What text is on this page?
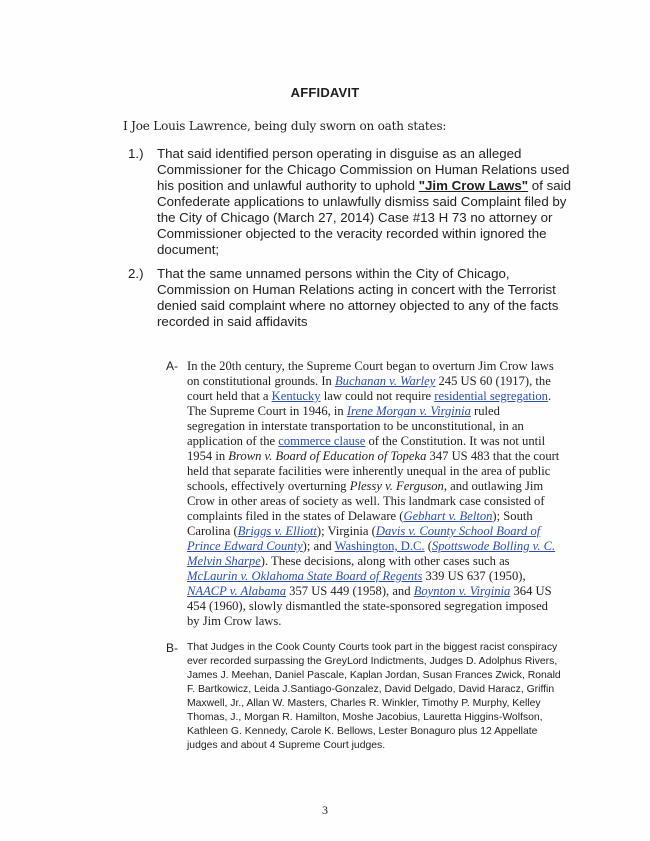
AFFIDAVIT
I Joe Louis Lawrence, being duly sworn on oath states:
1.) That said identified person operating in disguise as an alleged Commissioner for the Chicago Commission on Human Relations used his position and unlawful authority to uphold "Jim Crow Laws" of said Confederate applications to unlawfully dismiss said Complaint filed by the City of Chicago (March 27, 2014) Case #13 H 73 no attorney or Commissioner objected to the veracity recorded within ignored the document;
2.) That the same unnamed persons within the City of Chicago, Commission on Human Relations acting in concert with the Terrorist denied said complaint where no attorney objected to any of the facts recorded in said affidavits
A- In the 20th century, the Supreme Court began to overturn Jim Crow laws on constitutional grounds. In Buchanan v. Warley 245 US 60 (1917), the court held that a Kentucky law could not require residential segregation. The Supreme Court in 1946, in Irene Morgan v. Virginia ruled segregation in interstate transportation to be unconstitutional, in an application of the commerce clause of the Constitution. It was not until 1954 in Brown v. Board of Education of Topeka 347 US 483 that the court held that separate facilities were inherently unequal in the area of public schools, effectively overturning Plessy v. Ferguson, and outlawing Jim Crow in other areas of society as well. This landmark case consisted of complaints filed in the states of Delaware (Gebhart v. Belton); South Carolina (Briggs v. Elliott); Virginia (Davis v. County School Board of Prince Edward County); and Washington, D.C. (Spottswode Bolling v. C. Melvin Sharpe). These decisions, along with other cases such as McLaurin v. Oklahoma State Board of Regents 339 US 637 (1950), NAACP v. Alabama 357 US 449 (1958), and Boynton v. Virginia 364 US 454 (1960), slowly dismantled the state-sponsored segregation imposed by Jim Crow laws.
B- That Judges in the Cook County Courts took part in the biggest racist conspiracy ever recorded surpassing the GreyLord Indictments, Judges D. Adolphus Rivers, James J. Meehan, Daniel Pascale, Kaplan Jordan, Susan Frances Zwick, Ronald F. Bartkowicz, Leida J.Santiago-Gonzalez, David Delgado, David Haracz, Griffin Maxwell, Jr., Allan W. Masters, Charles R. Winkler, Timothy P. Murphy, Kelley Thomas, J., Morgan R. Hamilton, Moshe Jacobius, Lauretta Higgins-Wolfson, Kathleen G. Kennedy, Carole K. Bellows, Lester Bonaguro plus 12 Appellate judges and about 4 Supreme Court judges.
3
